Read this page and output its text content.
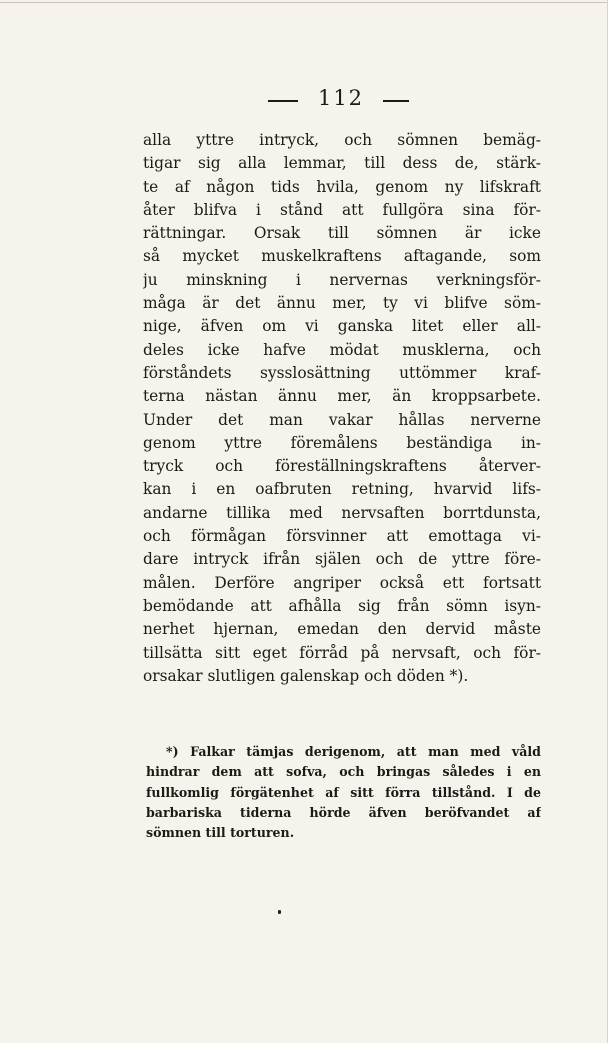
112
alla yttre intryck, och sömnen bemäg-
tigar sig alla lemmar, till dess de, stärk-
te af någon tids hvila, genom ny lifskraft
åter blifva i stånd att fullgöra sina för-
rättningar. Orsak till sömnen är icke
så mycket muskelkraftens aftagande, som
ju minskning i nervernas verkningsför-
måga är det ännu mer, ty vi blifve söm-
nige, äfven om vi ganska litet eller all-
deles icke hafve mödat musklerna, och
förståndets sysslosättning uttömmer kraf-
terna nästan ännu mer, än kroppsarbete.
Under det man vakar hållas nerverne
genom yttre föremålens beständiga in-
tryck och föreställningskraftens återver-
kan i en oafbruten retning, hvarvid lifs-
andarne tillika med nervsaften borrtdunsta,
och förmågan försvinner att emottaga vi-
dare intryck ifrån själen och de yttre före-
målen. Derföre angriper också ett fortsatt
bemödande att afhålla sig från sömn isyn-
nerhet hjernan, emedan den dervid måste
tillsätta sitt eget förråd på nervsaft, och för-
orsakar slutligen galenskap och döden *).
*) Falkar tämjas derigenom, att man med våld
hindrar dem att sofva, och bringas således i en
fullkomlig förgätenhet af sitt förra tillstånd. I de
barbariska tiderna hörde äfven beröfvandet af
sömnen till torturen.
